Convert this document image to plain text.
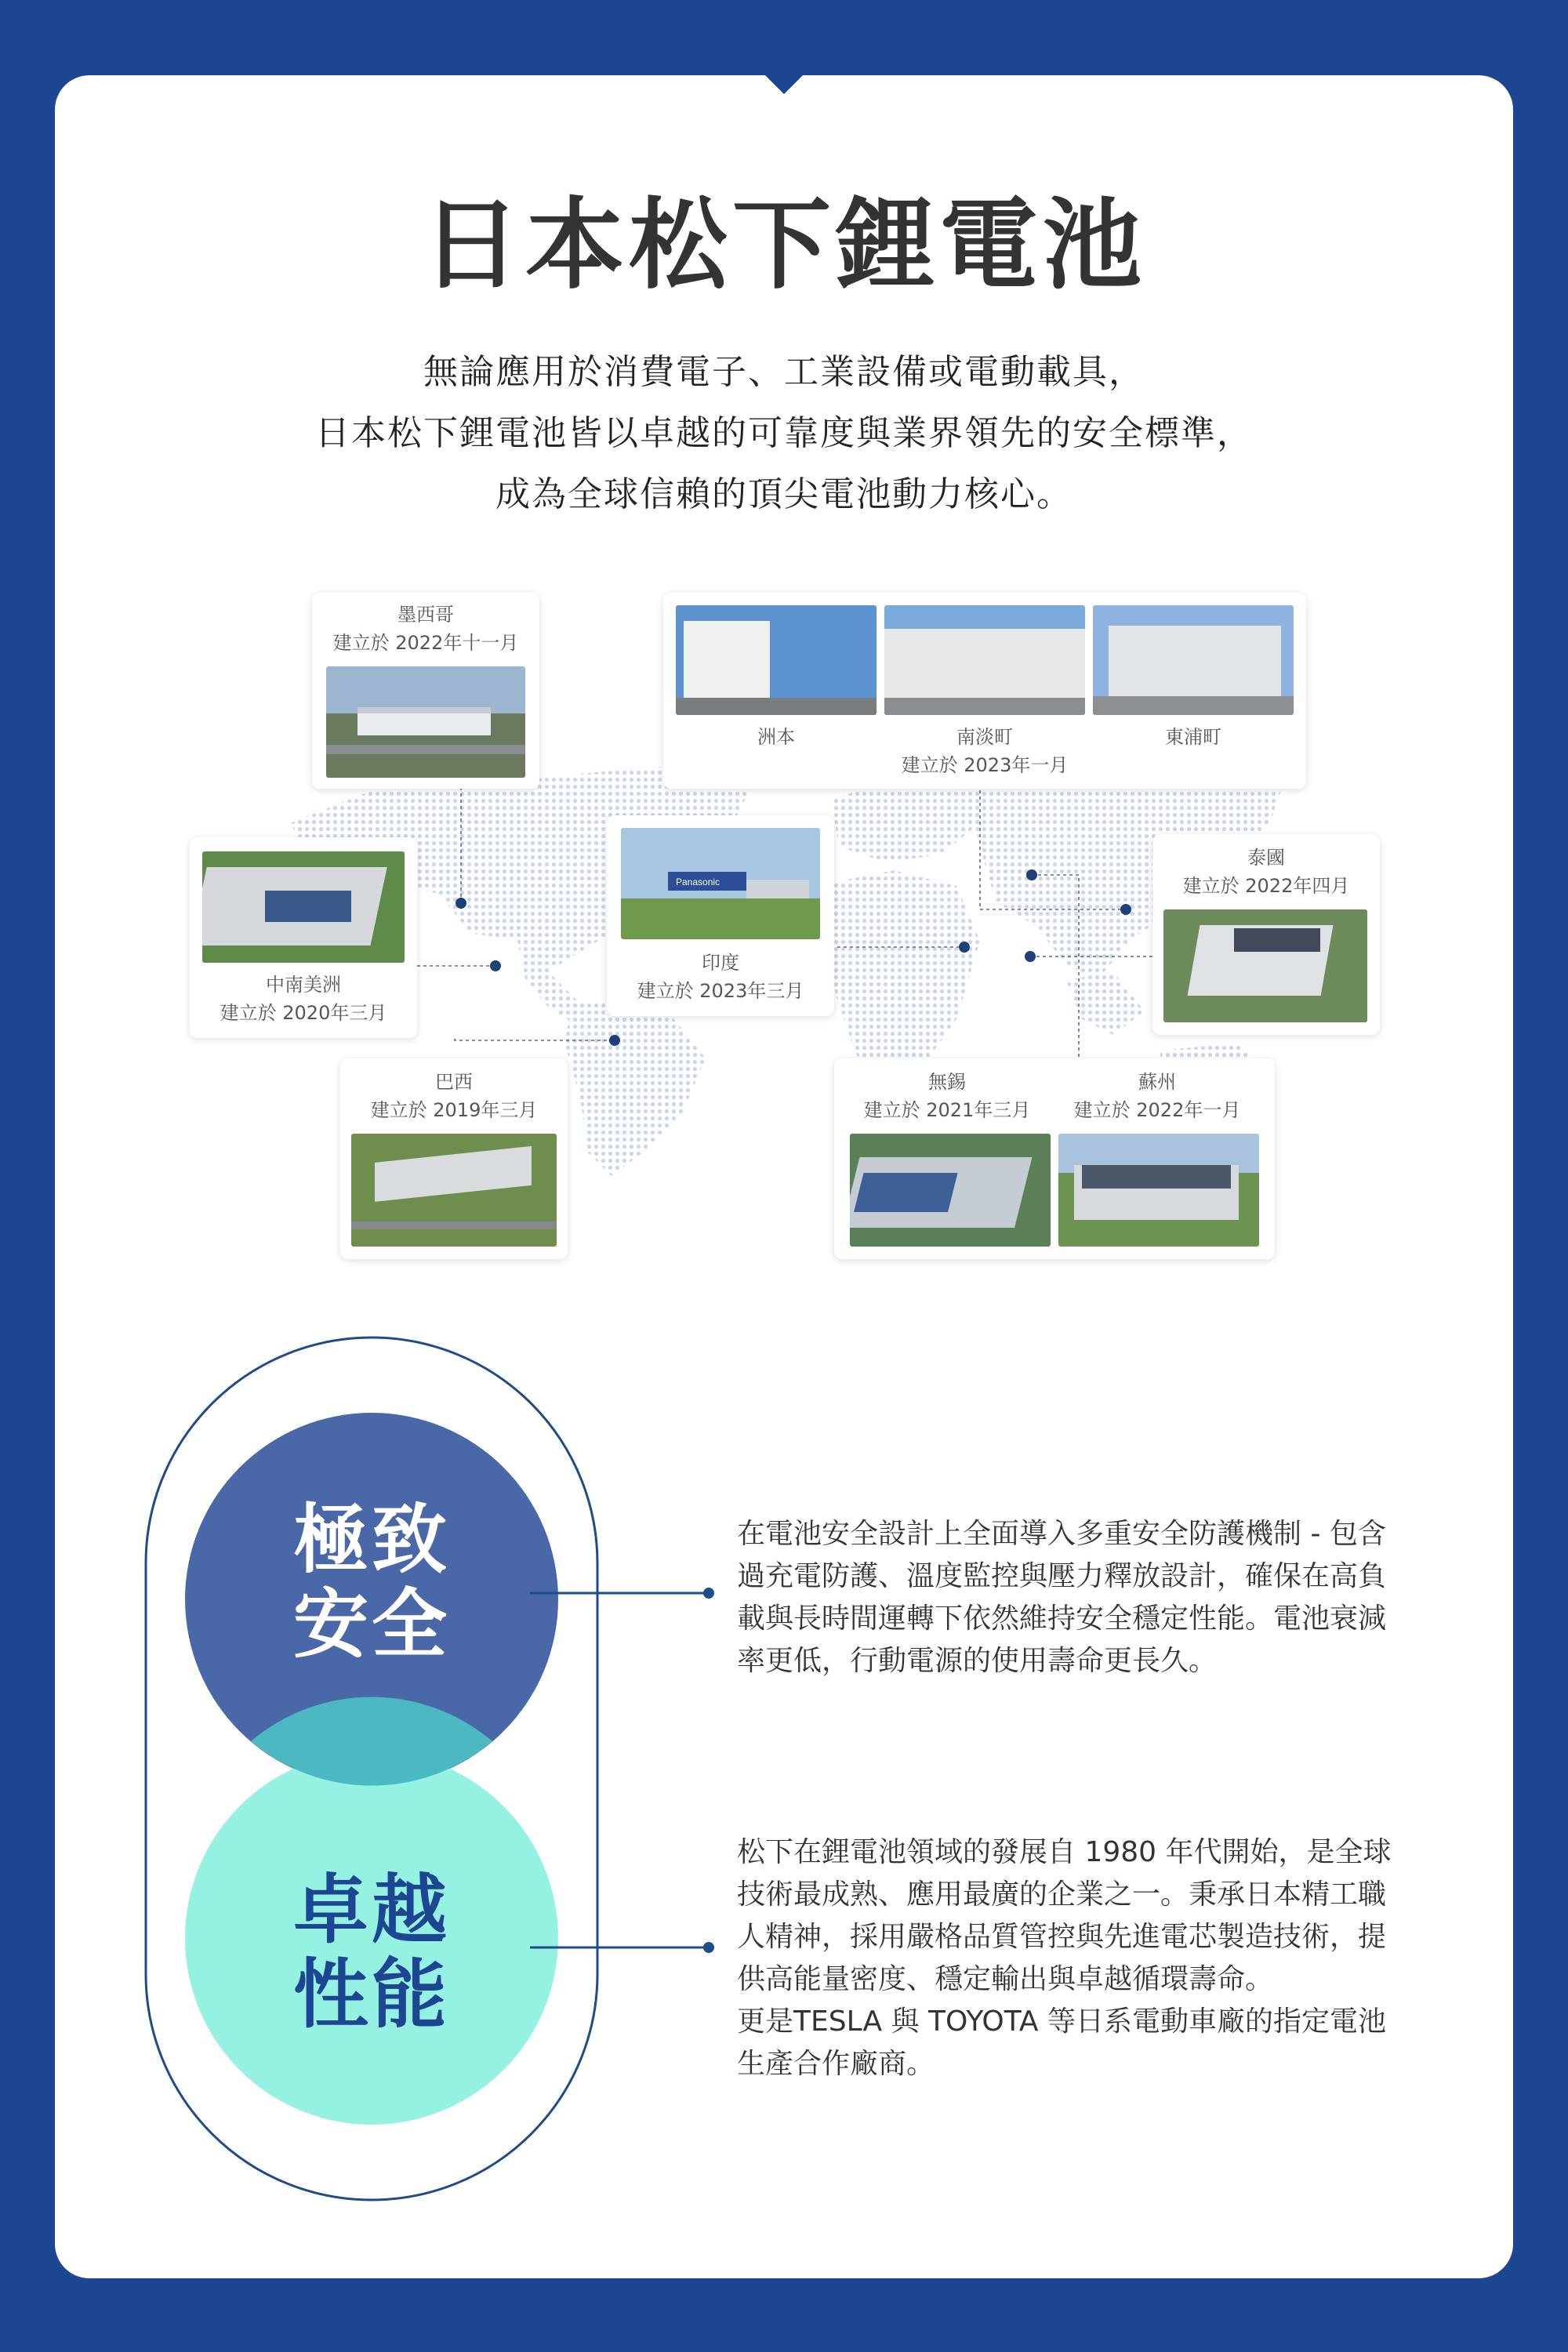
日本松下鋰電池
無論應用於消費電子、工業設備或電動載具，
日本松下鋰電池皆以卓越的可靠度與業界領先的安全標準，
成為全球信賴的頂尖電池動力核心。
墨西哥
建立於 2022年十一月
中南美洲
建立於 2020年三月
巴西
建立於 2019年三月
Panasonic
印度
建立於 2023年三月
洲本	南淡町	東浦町
建立於 2023年一月
泰國
建立於 2022年四月
無錫
建立於 2021年三月
蘇州
建立於 2022年一月
極致
安全
卓越
性能
在電池安全設計上全面導入多重安全防護機制 - 包含
過充電防護、溫度監控與壓力釋放設計，確保在高負
載與長時間運轉下依然維持安全穩定性能。電池衰減
率更低，行動電源的使用壽命更長久。
松下在鋰電池領域的發展自 1980 年代開始，是全球
技術最成熟、應用最廣的企業之一。秉承日本精工職
人精神，採用嚴格品質管控與先進電芯製造技術，提
供高能量密度、穩定輸出與卓越循環壽命。
更是TESLA 與 TOYOTA 等日系電動車廠的指定電池
生產合作廠商。
